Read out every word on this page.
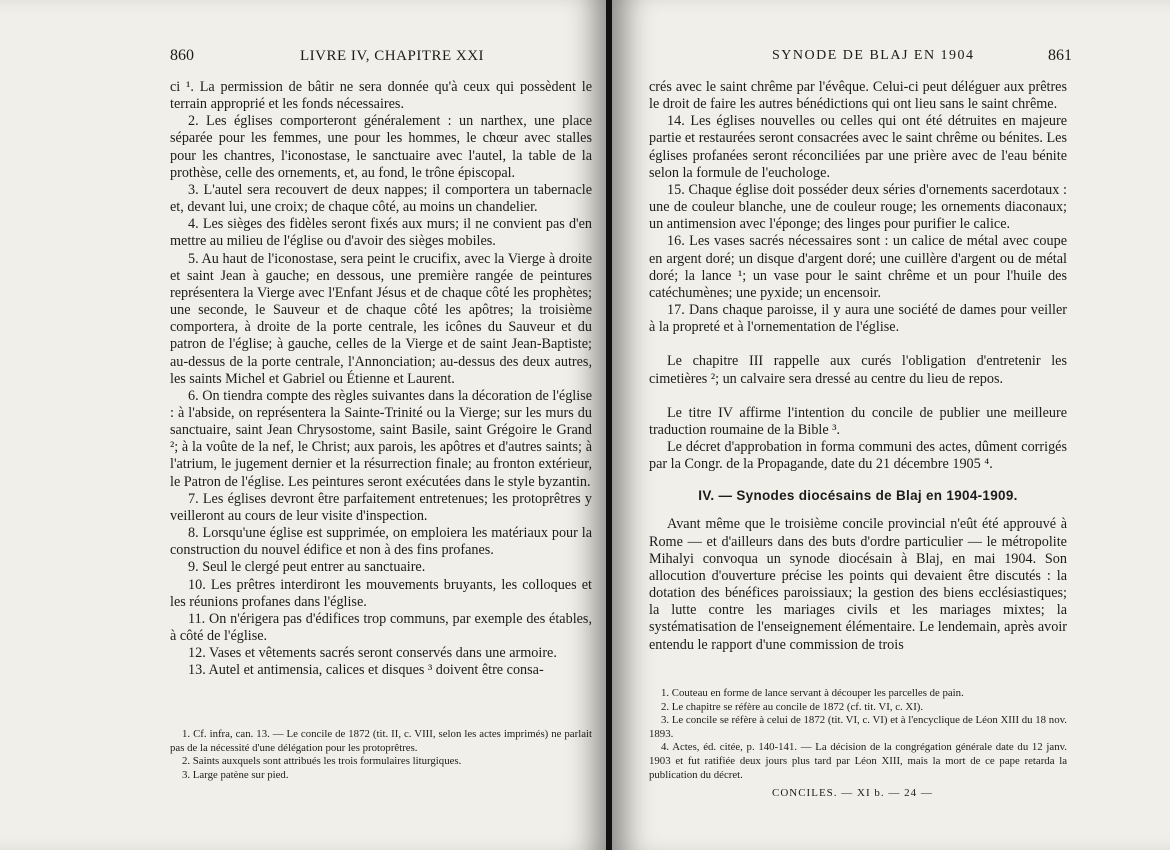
860	LIVRE IV, CHAPITRE XXI

ci ¹. La permission de bâtir ne sera donnée qu'à ceux qui possèdent le terrain approprié et les fonds nécessaires.

2. Les églises comporteront généralement : un narthex, une place séparée pour les femmes, une pour les hommes, le chœur avec stalles pour les chantres, l'iconostase, le sanctuaire avec l'autel, la table de la prothèse, celle des ornements, et, au fond, le trône épiscopal.

3. L'autel sera recouvert de deux nappes; il comportera un tabernacle et, devant lui, une croix; de chaque côté, au moins un chandelier.

4. Les sièges des fidèles seront fixés aux murs; il ne convient pas d'en mettre au milieu de l'église ou d'avoir des sièges mobiles.

5. Au haut de l'iconostase, sera peint le crucifix, avec la Vierge à droite et saint Jean à gauche; en dessous, une première rangée de peintures représentera la Vierge avec l'Enfant Jésus et de chaque côté les prophètes; une seconde, le Sauveur et de chaque côté les apôtres; la troisième comportera, à droite de la porte centrale, les icônes du Sauveur et du patron de l'église; à gauche, celles de la Vierge et de saint Jean-Baptiste; au-dessus de la porte centrale, l'Annonciation; au-dessus des deux autres, les saints Michel et Gabriel ou Étienne et Laurent.

6. On tiendra compte des règles suivantes dans la décoration de l'église : à l'abside, on représentera la Sainte-Trinité ou la Vierge; sur les murs du sanctuaire, saint Jean Chrysostome, saint Basile, saint Grégoire le Grand ²; à la voûte de la nef, le Christ; aux parois, les apôtres et d'autres saints; à l'atrium, le jugement dernier et la résurrection finale; au fronton extérieur, le Patron de l'église. Les peintures seront exécutées dans le style byzantin.

7. Les églises devront être parfaitement entretenues; les protoprêtres y veilleront au cours de leur visite d'inspection.

8. Lorsqu'une église est supprimée, on emploiera les matériaux pour la construction du nouvel édifice et non à des fins profanes.

9. Seul le clergé peut entrer au sanctuaire.

10. Les prêtres interdiront les mouvements bruyants, les colloques et les réunions profanes dans l'église.

11. On n'érigera pas d'édifices trop communs, par exemple des étables, à côté de l'église.

12. Vases et vêtements sacrés seront conservés dans une armoire.

13. Autel et antimensia, calices et disques ³ doivent être consa-

1. Cf. infra, can. 13. — Le concile de 1872 (tit. II, c. VIII, selon les actes imprimés) ne parlait pas de la nécessité d'une délégation pour les protoprêtres.

2. Saints auxquels sont attribués les trois formulaires liturgiques.

3. Large patène sur pied.

SYNODE DE BLAJ EN 1904	861

crés avec le saint chrême par l'évêque. Celui-ci peut déléguer aux prêtres le droit de faire les autres bénédictions qui ont lieu sans le saint chrême.

14. Les églises nouvelles ou celles qui ont été détruites en majeure partie et restaurées seront consacrées avec le saint chrême ou bénites. Les églises profanées seront réconciliées par une prière avec de l'eau bénite selon la formule de l'euchologe.

15. Chaque église doit posséder deux séries d'ornements sacerdotaux : une de couleur blanche, une de couleur rouge; les ornements diaconaux; un antimension avec l'éponge; des linges pour purifier le calice.

16. Les vases sacrés nécessaires sont : un calice de métal avec coupe en argent doré; un disque d'argent doré; une cuillère d'argent ou de métal doré; la lance ¹; un vase pour le saint chrême et un pour l'huile des catéchumènes; une pyxide; un encensoir.

17. Dans chaque paroisse, il y aura une société de dames pour veiller à la propreté et à l'ornementation de l'église.

Le chapitre III rappelle aux curés l'obligation d'entretenir les cimetières ²; un calvaire sera dressé au centre du lieu de repos.

Le titre IV affirme l'intention du concile de publier une meilleure traduction roumaine de la Bible ³.

Le décret d'approbation in forma communi des actes, dûment corrigés par la Congr. de la Propagande, date du 21 décembre 1905 ⁴.

IV. — Synodes diocésains de Blaj en 1904-1909.

Avant même que le troisième concile provincial n'eût été approuvé à Rome — et d'ailleurs dans des buts d'ordre particulier — le métropolite Mihalyi convoqua un synode diocésain à Blaj, en mai 1904. Son allocution d'ouverture précise les points qui devaient être discutés : la dotation des bénéfices paroissiaux; la gestion des biens ecclésiastiques; la lutte contre les mariages civils et les mariages mixtes; la systématisation de l'enseignement élémentaire. Le lendemain, après avoir entendu le rapport d'une commission de trois

1. Couteau en forme de lance servant à découper les parcelles de pain.

2. Le chapitre se réfère au concile de 1872 (cf. tit. VI, c. XI).

3. Le concile se réfère à celui de 1872 (tit. VI, c. VI) et à l'encyclique de Léon XIII du 18 nov. 1893.

4. Actes, éd. citée, p. 140-141. — La décision de la congrégation générale date du 12 janv. 1903 et fut ratifiée deux jours plus tard par Léon XIII, mais la mort de ce pape retarda la publication du décret.

CONCILES. — XI b. — 24 —
